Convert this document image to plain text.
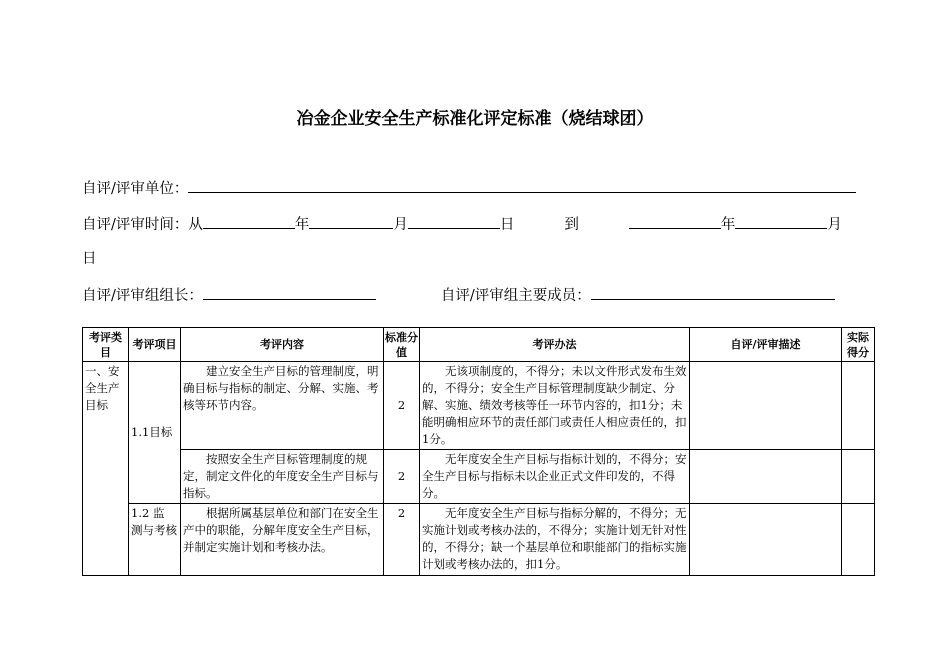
冶金企业安全生产标准化评定标准（烧结球团）
自评/评审单位：
自评/评审时间：从	年	月	日	到	年	月
日
自评/评审组组长：	自评/评审组主要成员：
考评类目	考评项目	考评内容	标准分值	考评办法	自评/评审描述	实际得分
一、安全生产目标	1.1目标	建立安全生产目标的管理制度，明确目标与指标的制定、分解、实施、考核等环节内容。	2	无该项制度的，不得分；未以文件形式发布生效的，不得分；安全生产目标管理制度缺少制定、分解、实施、绩效考核等任一环节内容的，扣1分；未能明确相应环节的责任部门或责任人相应责任的，扣1分。		
		按照安全生产目标管理制度的规定，制定文件化的年度安全生产目标与指标。	2	无年度安全生产目标与指标计划的，不得分；安全生产目标与指标未以企业正式文件印发的，不得分。		
	1.2 监 测与考核	根据所属基层单位和部门在安全生产中的职能，分解年度安全生产目标，并制定实施计划和考核办法。	2	无年度安全生产目标与指标分解的，不得分；无实施计划或考核办法的，不得分；实施计划无针对性的，不得分；缺一个基层单位和职能部门的指标实施计划或考核办法的，扣1分。		
